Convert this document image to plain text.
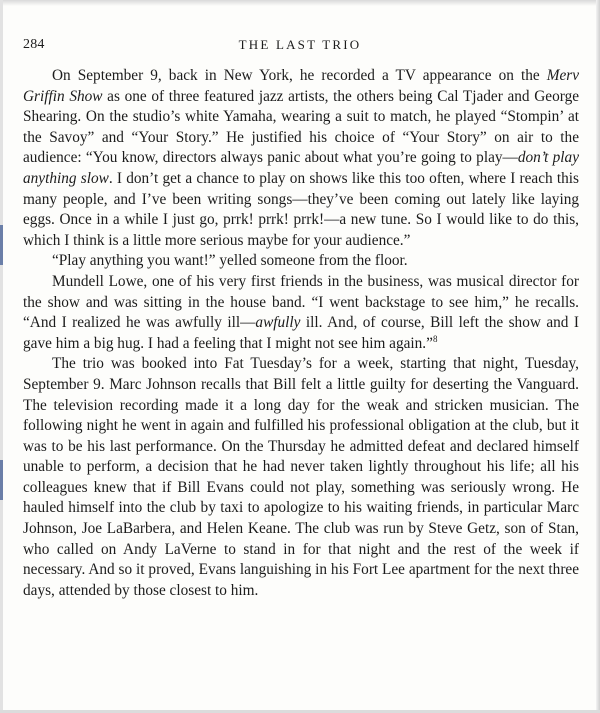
284	THE LAST TRIO

On September 9, back in New York, he recorded a TV appearance on the Merv Griffin Show as one of three featured jazz artists, the others being Cal Tjader and George Shearing. On the studio’s white Yamaha, wearing a suit to match, he played “Stompin’ at the Savoy” and “Your Story.” He justified his choice of “Your Story” on air to the audience: “You know, directors always panic about what you’re going to play—don’t play anything slow. I don’t get a chance to play on shows like this too often, where I reach this many people, and I’ve been writing songs—they’ve been coming out lately like laying eggs. Once in a while I just go, prrk! prrk! prrk!—a new tune. So I would like to do this, which I think is a little more serious maybe for your audience.”

“Play anything you want!” yelled someone from the floor.

Mundell Lowe, one of his very first friends in the business, was musical director for the show and was sitting in the house band. “I went backstage to see him,” he recalls. “And I realized he was awfully ill—awfully ill. And, of course, Bill left the show and I gave him a big hug. I had a feeling that I might not see him again.”$^8$

The trio was booked into Fat Tuesday’s for a week, starting that night, Tuesday, September 9. Marc Johnson recalls that Bill felt a little guilty for deserting the Vanguard. The television recording made it a long day for the weak and stricken musician. The following night he went in again and fulfilled his professional obligation at the club, but it was to be his last performance. On the Thursday he admitted defeat and declared himself unable to perform, a decision that he had never taken lightly throughout his life; all his colleagues knew that if Bill Evans could not play, something was seriously wrong. He hauled himself into the club by taxi to apologize to his waiting friends, in particular Marc Johnson, Joe LaBarbera, and Helen Keane. The club was run by Steve Getz, son of Stan, who called on Andy LaVerne to stand in for that night and the rest of the week if necessary. And so it proved, Evans languishing in his Fort Lee apartment for the next three days, attended by those closest to him.
